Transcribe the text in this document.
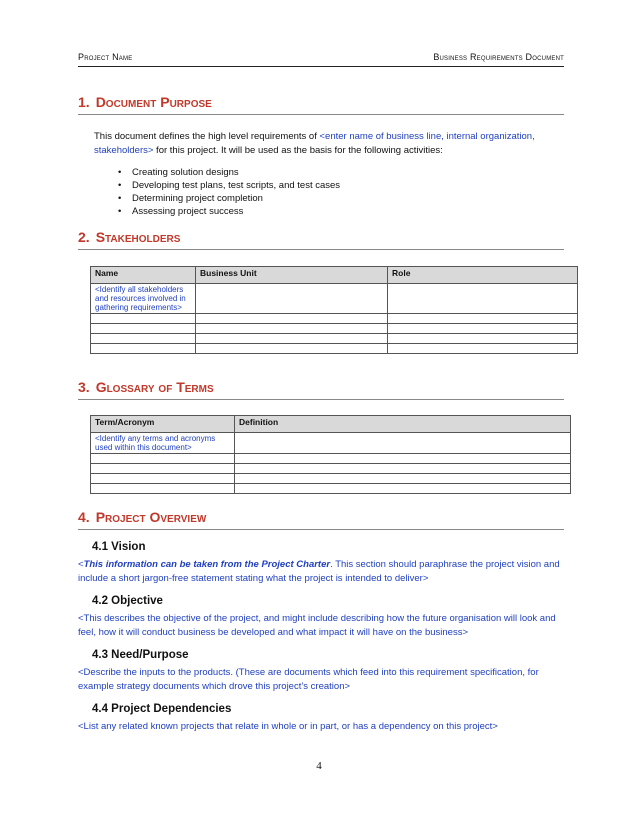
Project Name	Business Requirements Document
1. Document Purpose
This document defines the high level requirements of <enter name of business line, internal organization, stakeholders> for this project. It will be used as the basis for the following activities:
• Creating solution designs
• Developing test plans, test scripts, and test cases
• Determining project completion
• Assessing project success
2. Stakeholders
Name	Business Unit	Role
<Identify all stakeholders and resources involved in gathering requirements>		

3. Glossary of Terms
Term/Acronym	Definition
<Identify any terms and acronyms used within this document>	

4. Project Overview
4.1 Vision
<This information can be taken from the Project Charter. This section should paraphrase the project vision and include a short jargon-free statement stating what the project is intended to deliver>
4.2 Objective
<This describes the objective of the project, and might include describing how the future organisation will look and feel, how it will conduct business be developed and what impact it will have on the business>
4.3 Need/Purpose
<Describe the inputs to the products. (These are documents which feed into this requirement specification, for example strategy documents which drove this project’s creation>
4.4 Project Dependencies
<List any related known projects that relate in whole or in part, or has a dependency on this project>
4
